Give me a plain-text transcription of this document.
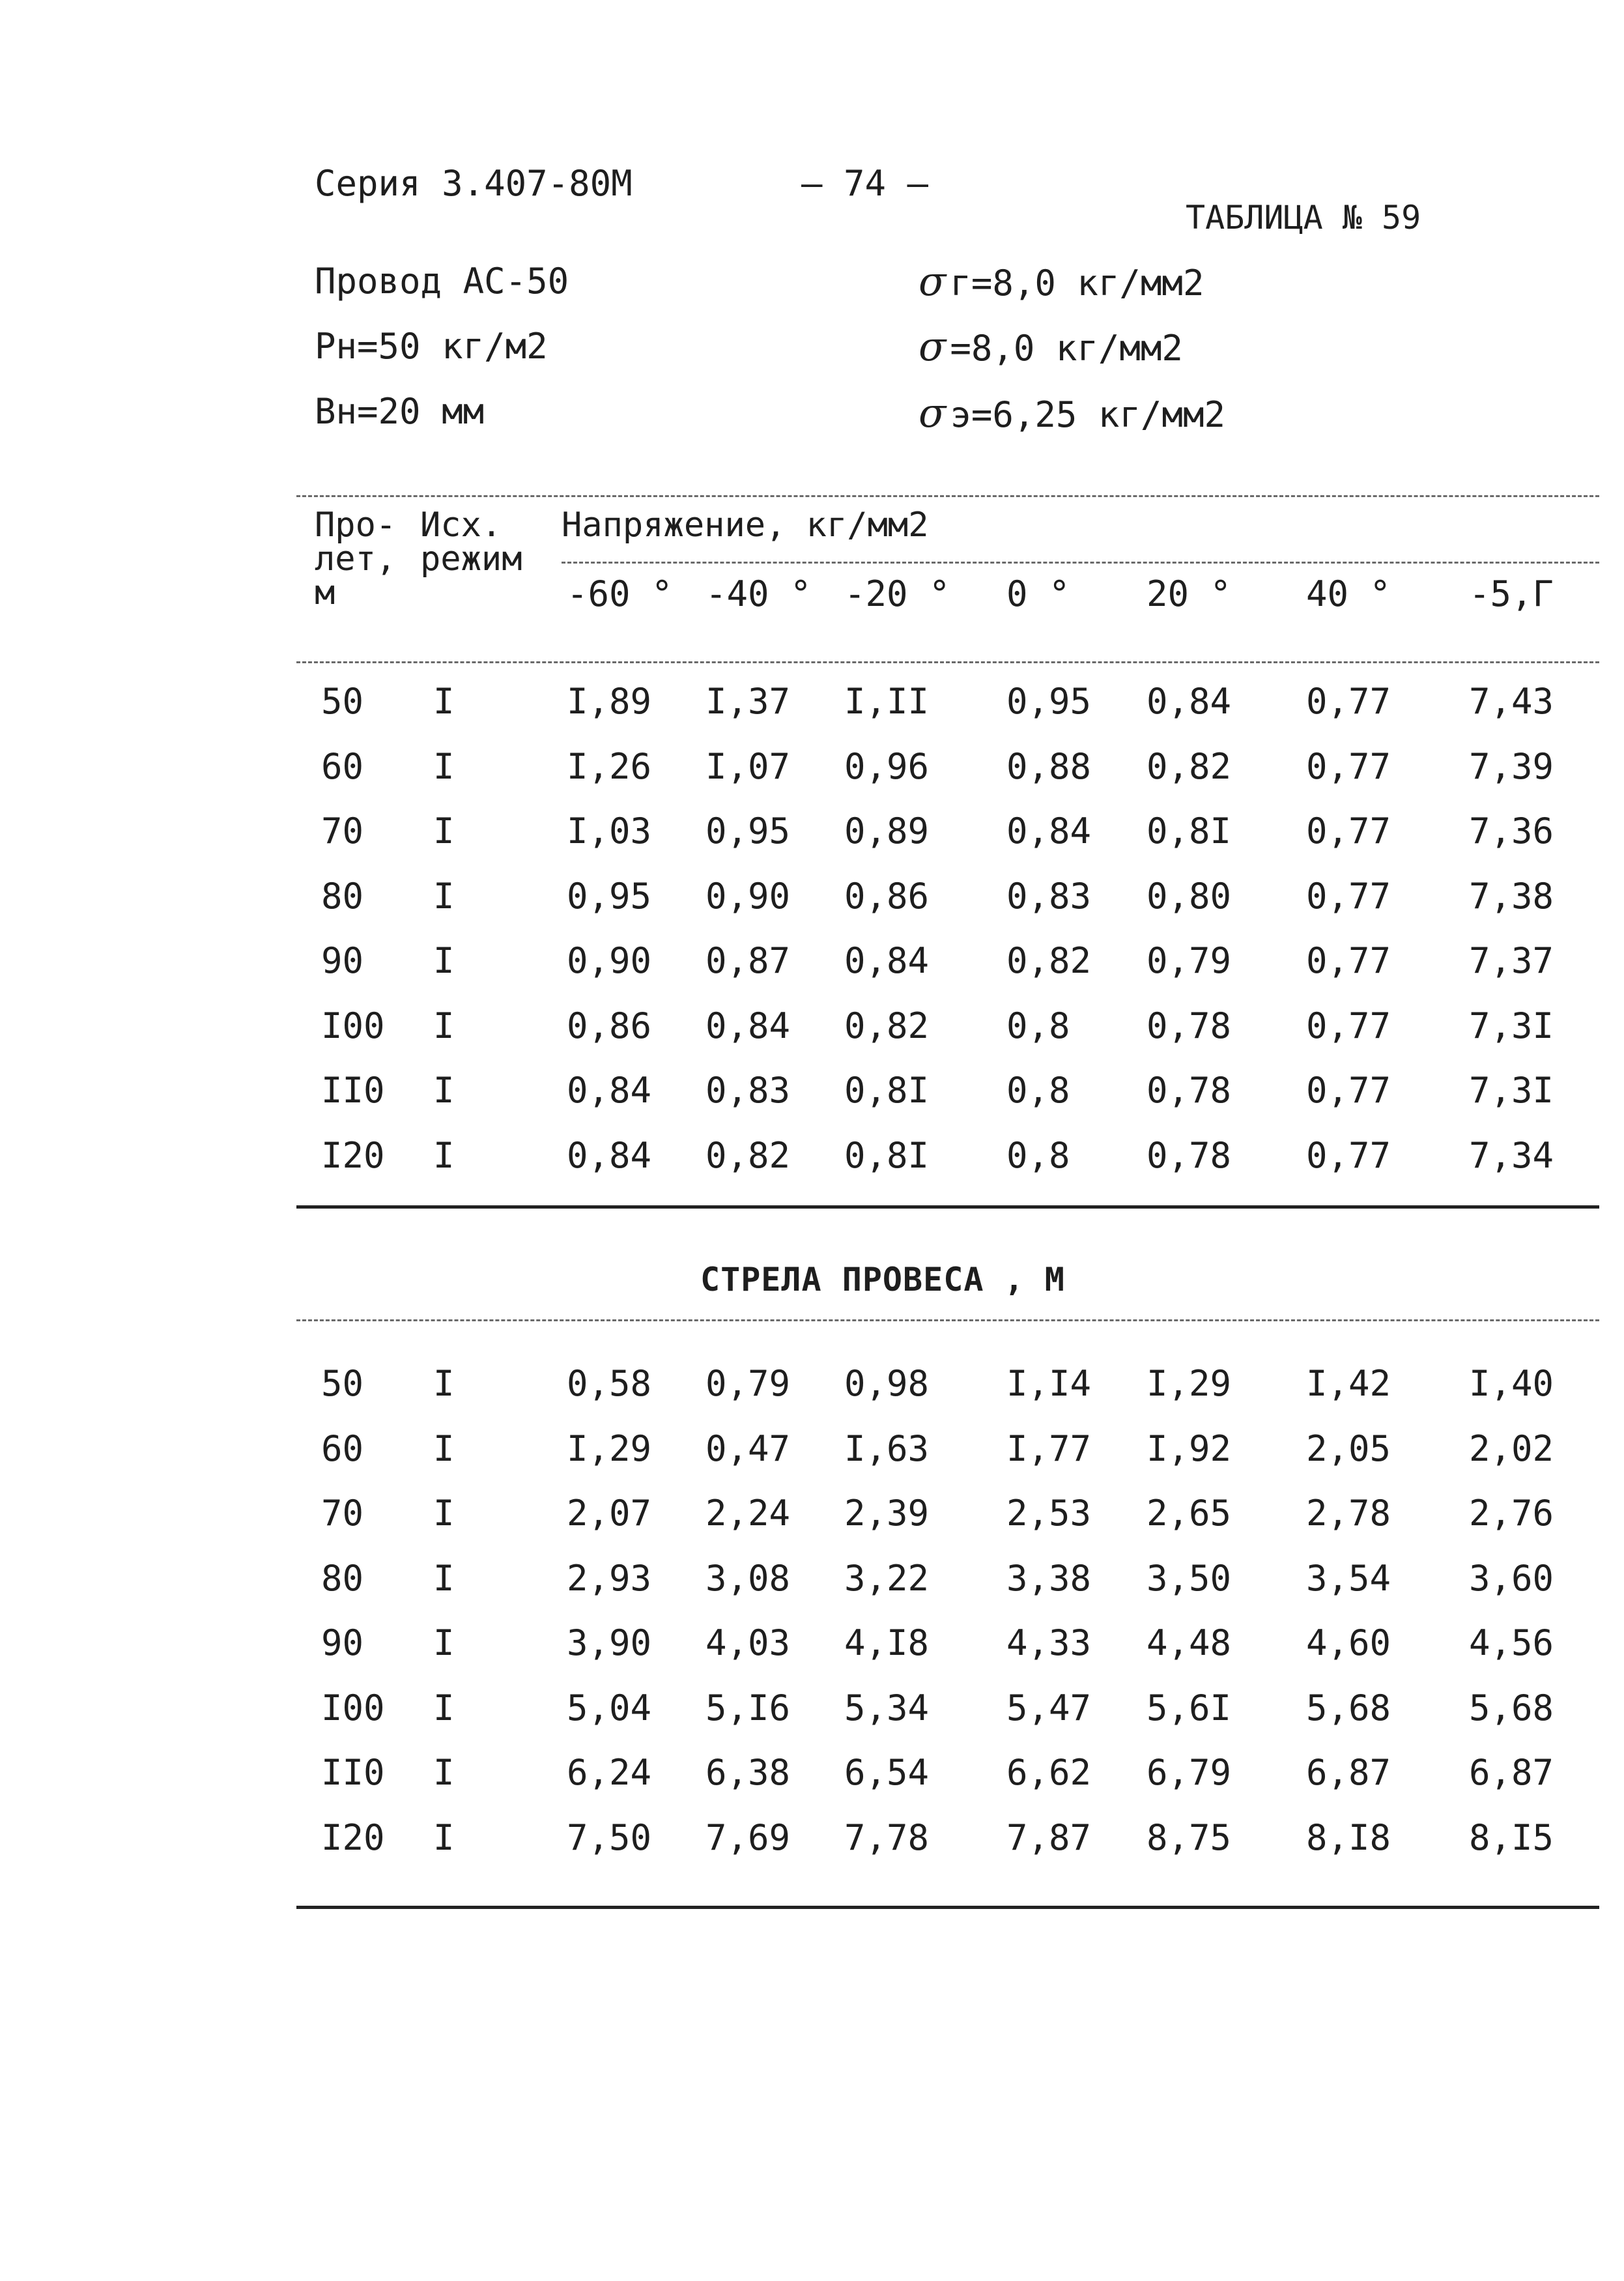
Серия 3.407-80М	– 74 –
ТАБЛИЦА № 59
Провод АС-50
Рн=50 кг/м2
Вн=20 мм
σ г=8,0 кг/мм2
σ =8,0 кг/мм2
σ э=6,25 кг/мм2
Про-
лет,
м
Исх.
режим
Напряжение, кг/мм2
-60 ° -40 ° -20 ° 0 ° 20 ° 40 ° -5,Г
50 I	I,89 I,37 I,II 0,95 0,84 0,77 7,43
60 I	I,26 I,07 0,96 0,88 0,82 0,77 7,39
70 I	I,03 0,95 0,89 0,84 0,8I 0,77 7,36
80 I	0,95 0,90 0,86 0,83 0,80 0,77 7,38
90 I	0,90 0,87 0,84 0,82 0,79 0,77 7,37
I00 I	0,86 0,84 0,82 0,8 0,78 0,77 7,3I
II0 I	0,84 0,83 0,8I 0,8 0,78 0,77 7,3I
I20 I	0,84 0,82 0,8I 0,8 0,78 0,77 7,34
СТРЕЛА ПРОВЕСА , М
50 I	0,58 0,79 0,98 I,I4 I,29 I,42 I,40
60 I	I,29 0,47 I,63 I,77 I,92 2,05 2,02
70 I	2,07 2,24 2,39 2,53 2,65 2,78 2,76
80 I	2,93 3,08 3,22 3,38 3,50 3,54 3,60
90 I	3,90 4,03 4,I8 4,33 4,48 4,60 4,56
I00 I	5,04 5,I6 5,34 5,47 5,6I 5,68 5,68
II0 I	6,24 6,38 6,54 6,62 6,79 6,87 6,87
I20 I	7,50 7,69 7,78 7,87 8,75 8,I8 8,I5
